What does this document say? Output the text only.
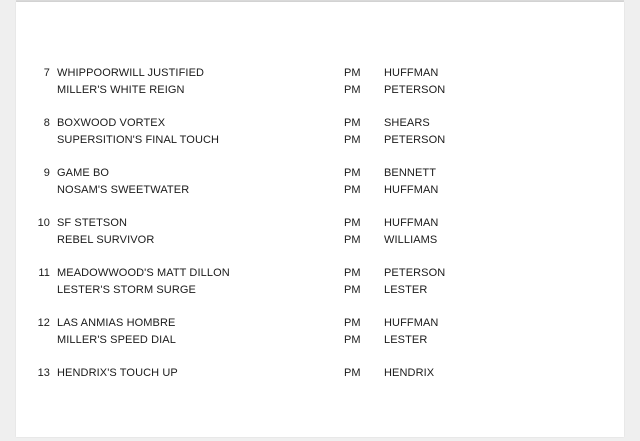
7 WHIPPOORWILL JUSTIFIED	PM HUFFMAN
MILLER'S WHITE REIGN	PM PETERSON
8 BOXWOOD VORTEX	PM SHEARS
SUPERSITION'S FINAL TOUCH	PM PETERSON
9 GAME BO	PM BENNETT
NOSAM'S SWEETWATER	PM HUFFMAN
10 SF STETSON	PM HUFFMAN
REBEL SURVIVOR	PM WILLIAMS
11 MEADOWWOOD'S MATT DILLON	PM PETERSON
LESTER'S STORM SURGE	PM LESTER
12 LAS ANMIAS HOMBRE	PM HUFFMAN
MILLER'S SPEED DIAL	PM LESTER
13 HENDRIX'S TOUCH UP	PM HENDRIX
